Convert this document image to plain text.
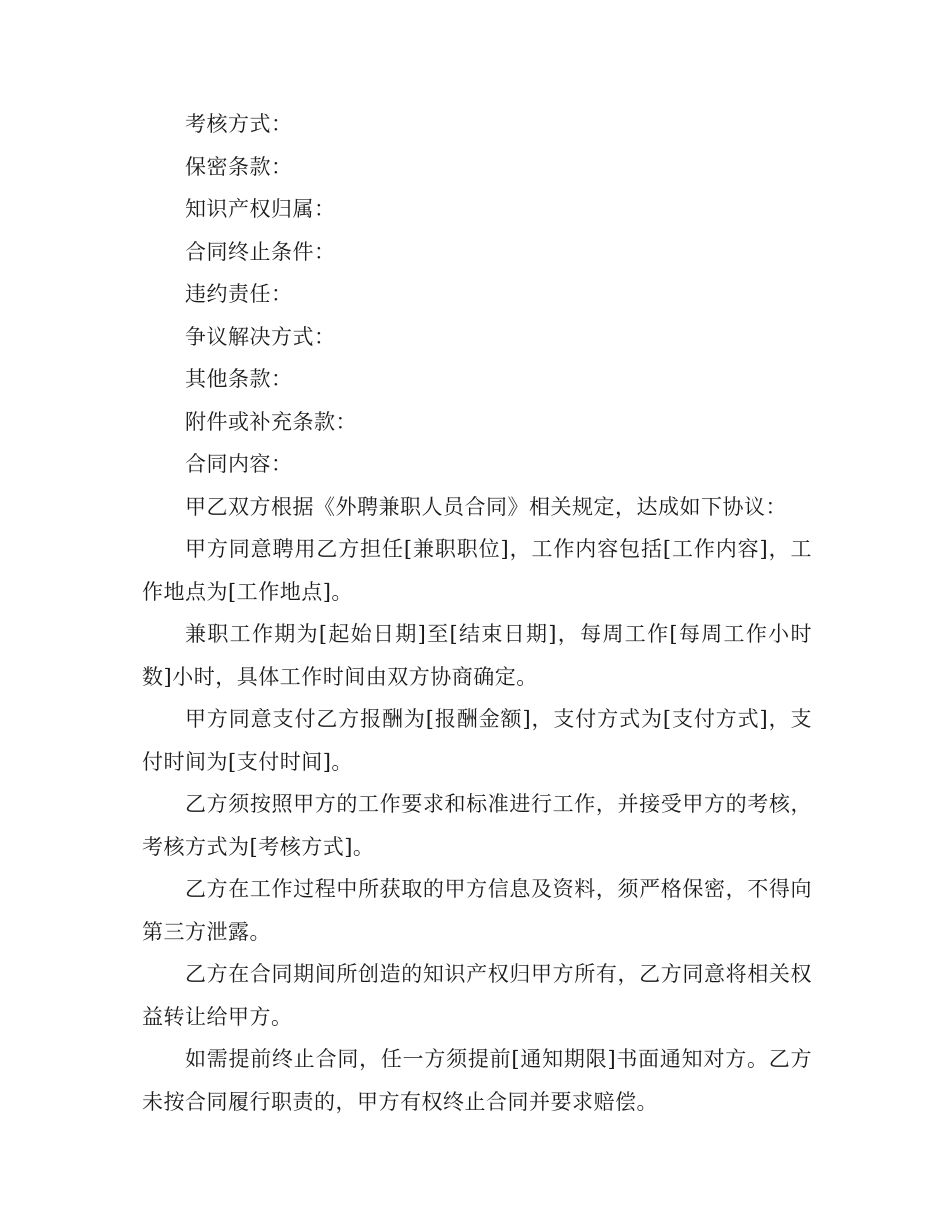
考核方式：

保密条款：

知识产权归属：

合同终止条件：

违约责任：

争议解决方式：

其他条款：

附件或补充条款：

合同内容：

甲乙双方根据《外聘兼职人员合同》相关规定，达成如下协议：

甲方同意聘用乙方担任[兼职职位]，工作内容包括[工作内容]，工作地点为[工作地点]。

兼职工作期为[起始日期]至[结束日期]，每周工作[每周工作小时数]小时，具体工作时间由双方协商确定。

甲方同意支付乙方报酬为[报酬金额]，支付方式为[支付方式]，支付时间为[支付时间]。

乙方须按照甲方的工作要求和标准进行工作，并接受甲方的考核，考核方式为[考核方式]。

乙方在工作过程中所获取的甲方信息及资料，须严格保密，不得向第三方泄露。

乙方在合同期间所创造的知识产权归甲方所有，乙方同意将相关权益转让给甲方。

如需提前终止合同，任一方须提前[通知期限]书面通知对方。乙方未按合同履行职责的，甲方有权终止合同并要求赔偿。
